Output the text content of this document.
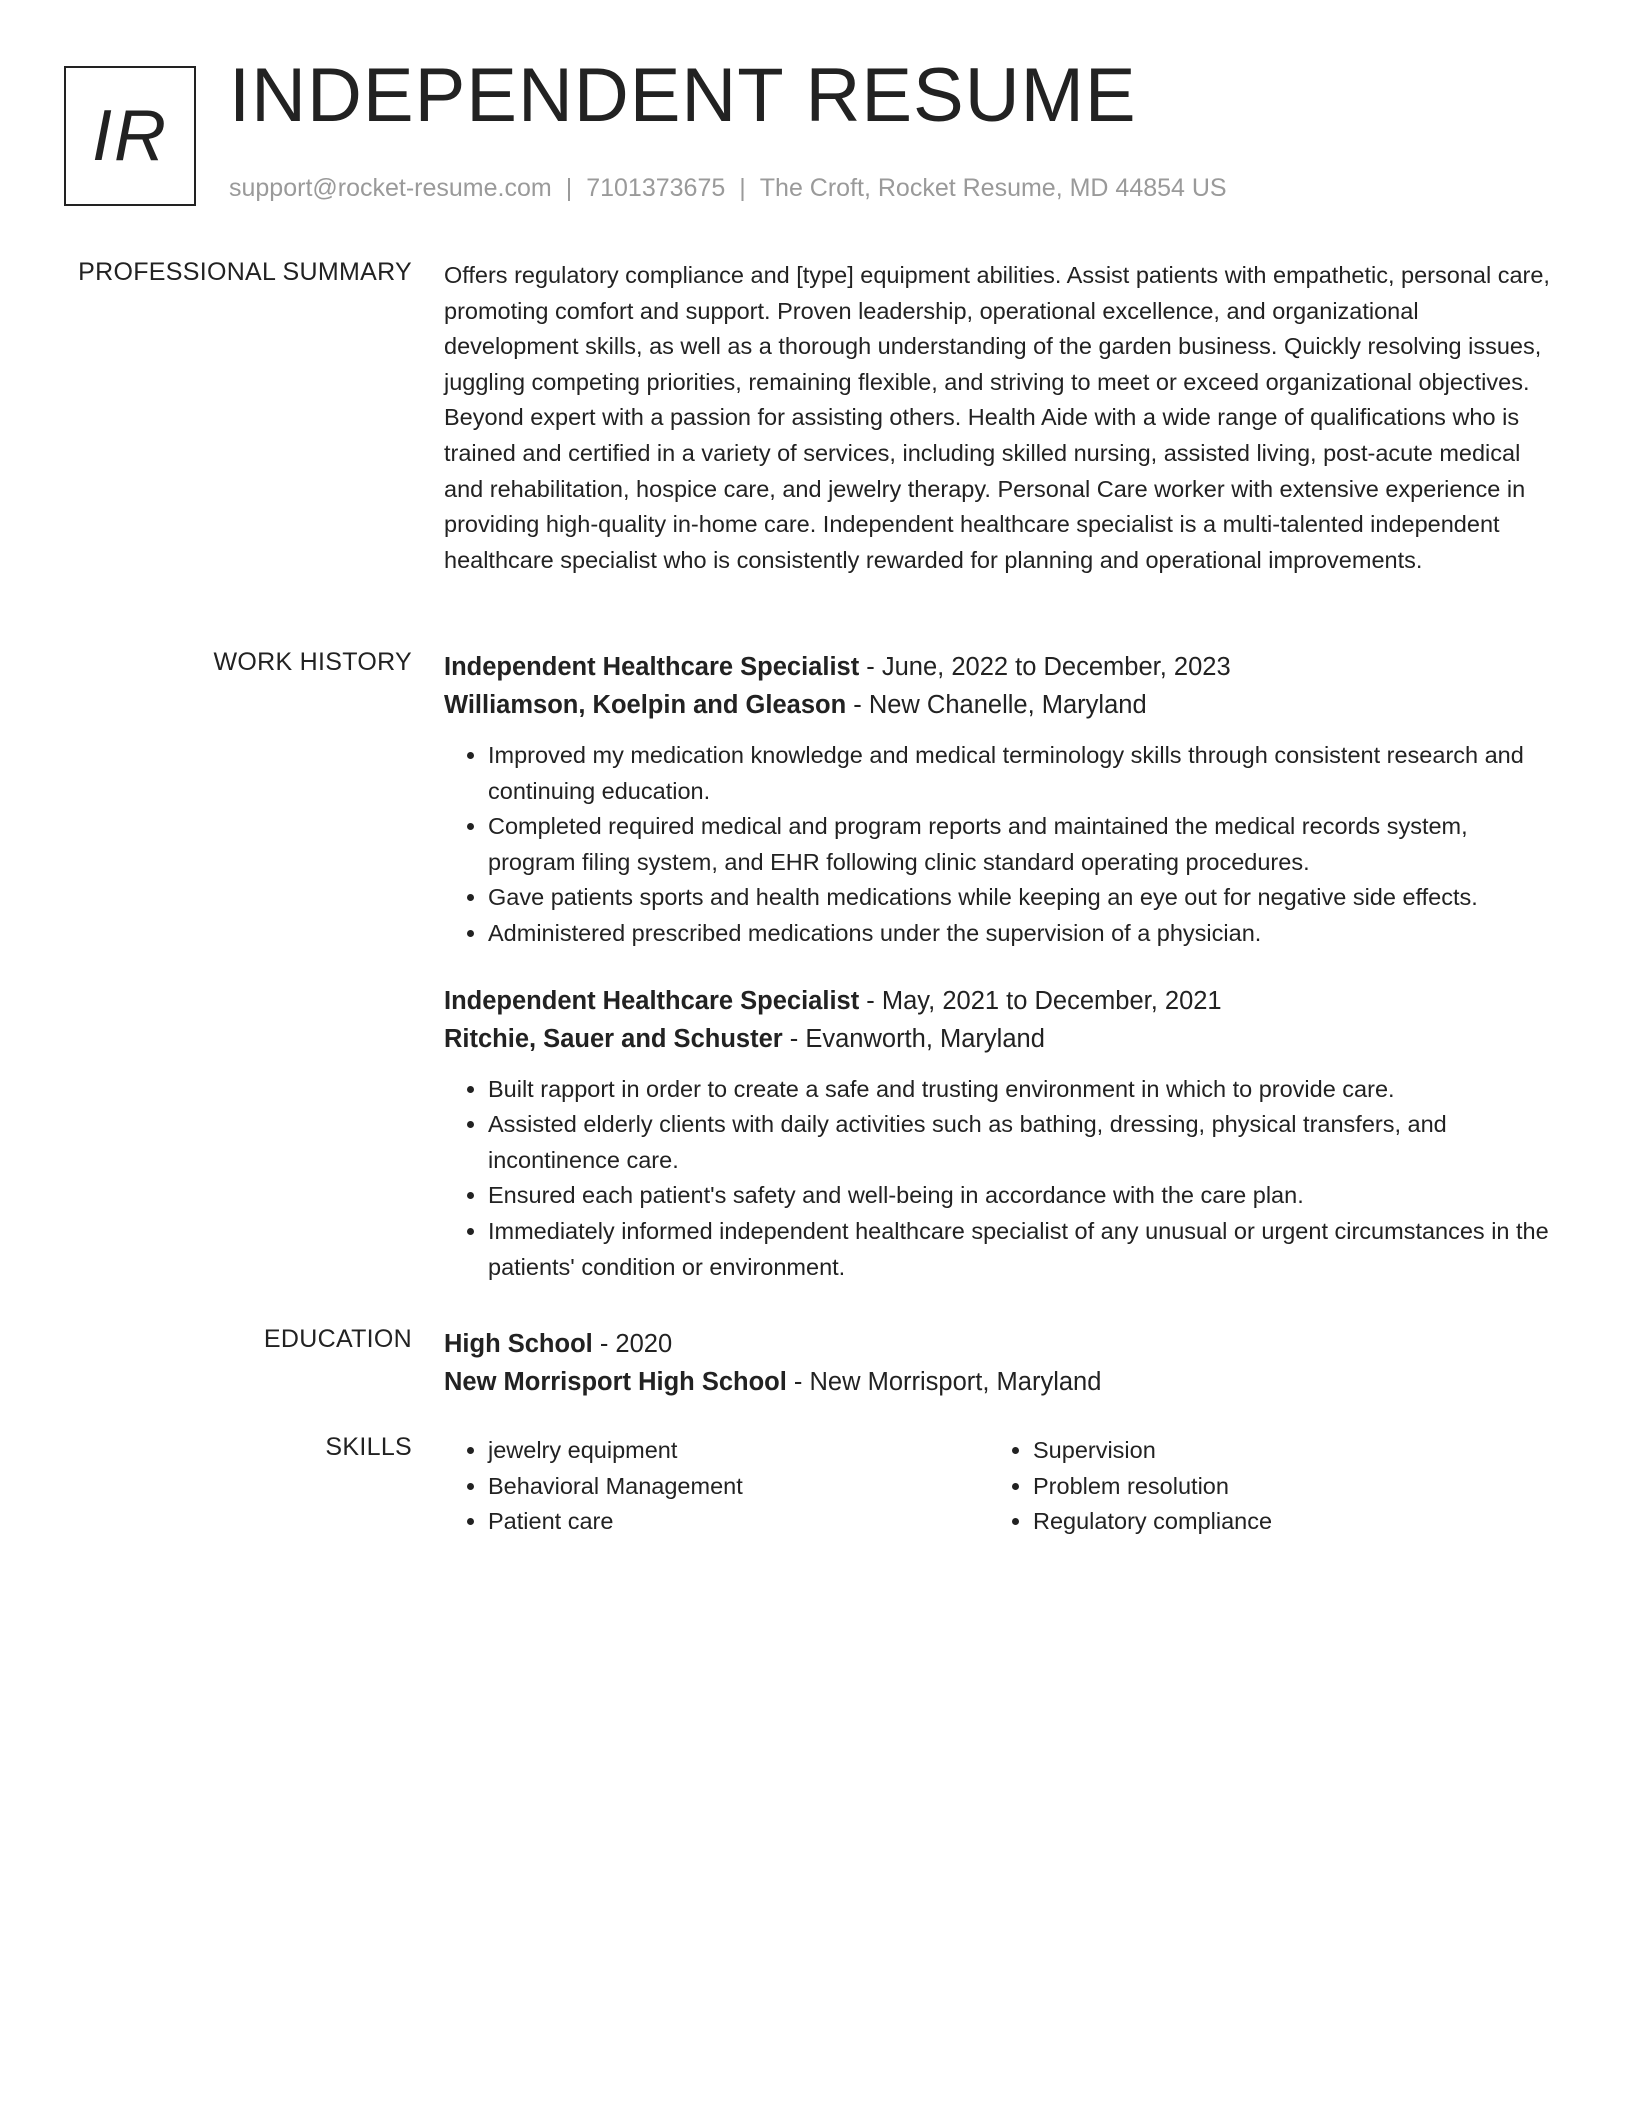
IR INDEPENDENT RESUME
support@rocket-resume.com | 7101373675 | The Croft, Rocket Resume, MD 44854 US
PROFESSIONAL SUMMARY Offers regulatory compliance and [type] equipment abilities. Assist patients with empathetic, personal care, promoting comfort and support. Proven leadership, operational excellence, and organizational development skills, as well as a thorough understanding of the garden business. Quickly resolving issues, juggling competing priorities, remaining flexible, and striving to meet or exceed organizational objectives. Beyond expert with a passion for assisting others. Health Aide with a wide range of qualifications who is trained and certified in a variety of services, including skilled nursing, assisted living, post-acute medical and rehabilitation, hospice care, and jewelry therapy. Personal Care worker with extensive experience in providing high-quality in-home care. Independent healthcare specialist is a multi-talented independent healthcare specialist who is consistently rewarded for planning and operational improvements.

WORK HISTORY Independent Healthcare Specialist - June, 2022 to December, 2023

Williamson, Koelpin and Gleason - New Chanelle, Maryland

• Improved my medication knowledge and medical terminology skills through consistent research and continuing education.
• Completed required medical and program reports and maintained the medical records system, program filing system, and EHR following clinic standard operating procedures.
• Gave patients sports and health medications while keeping an eye out for negative side effects.
• Administered prescribed medications under the supervision of a physician.

Independent Healthcare Specialist - May, 2021 to December, 2021

Ritchie, Sauer and Schuster - Evanworth, Maryland

• Built rapport in order to create a safe and trusting environment in which to provide care.
• Assisted elderly clients with daily activities such as bathing, dressing, physical transfers, and incontinence care.
• Ensured each patient's safety and well-being in accordance with the care plan.
• Immediately informed independent healthcare specialist of any unusual or urgent circumstances in the patients' condition or environment.
EDUCATION High School - 2020

New Morrisport High School - New Morrisport, Maryland

SKILLS
•	jewelry equipment
• Behavioral Management
• Patient care
• Supervision
• Problem resolution
• Regulatory compliance
